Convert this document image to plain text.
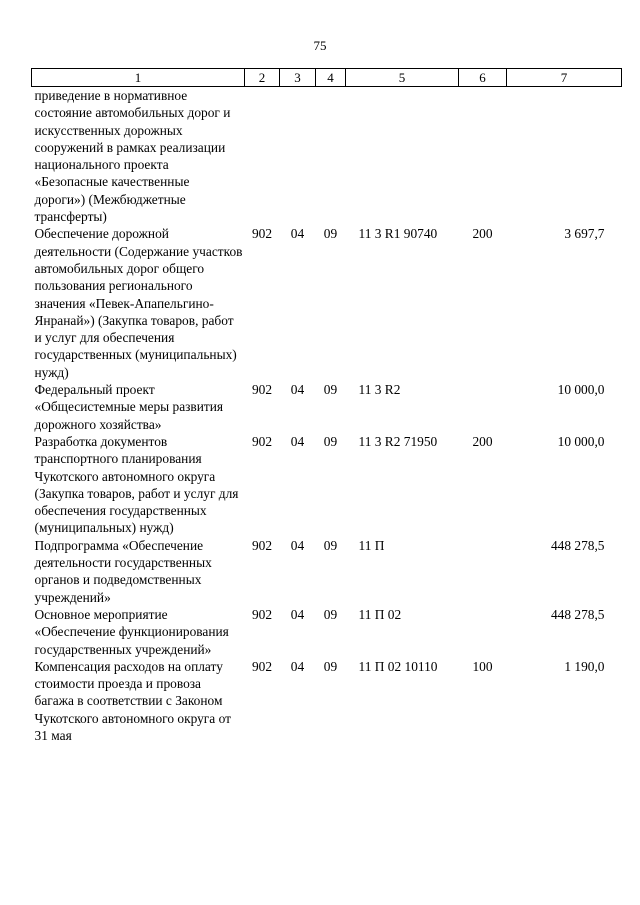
75
1	2	3	4	5	6	7
приведение в нормативное состояние автомобильных дорог и искусственных дорожных сооружений в рамках реализации национального проекта «Безопасные качественные дороги») (Межбюджетные трансферты)						
Обеспечение дорожной деятельности (Содержание участков автомобильных дорог общего пользования регионального значения «Певек-Апапельгино-Янранай») (Закупка товаров, работ и услуг для обеспечения государственных (муниципальных) нужд)	902	04	09	11 3 R1 90740	200	3 697,7
Федеральный проект «Общесистемные меры развития дорожного хозяйства»	902	04	09	11 3 R2		10 000,0
Разработка документов транспортного планирования Чукотского автономного округа (Закупка товаров, работ и услуг для обеспечения государственных (муниципальных) нужд)	902	04	09	11 3 R2 71950	200	10 000,0
Подпрограмма «Обеспечение деятельности государственных органов и подведомственных учреждений»	902	04	09	11 П		448 278,5
Основное мероприятие «Обеспечение функционирования государственных учреждений»	902	04	09	11 П 02		448 278,5
Компенсация расходов на оплату стоимости проезда и провоза багажа в соответствии с Законом Чукотского автономного округа от 31 мая	902	04	09	11 П 02 10110	100	1 190,0
